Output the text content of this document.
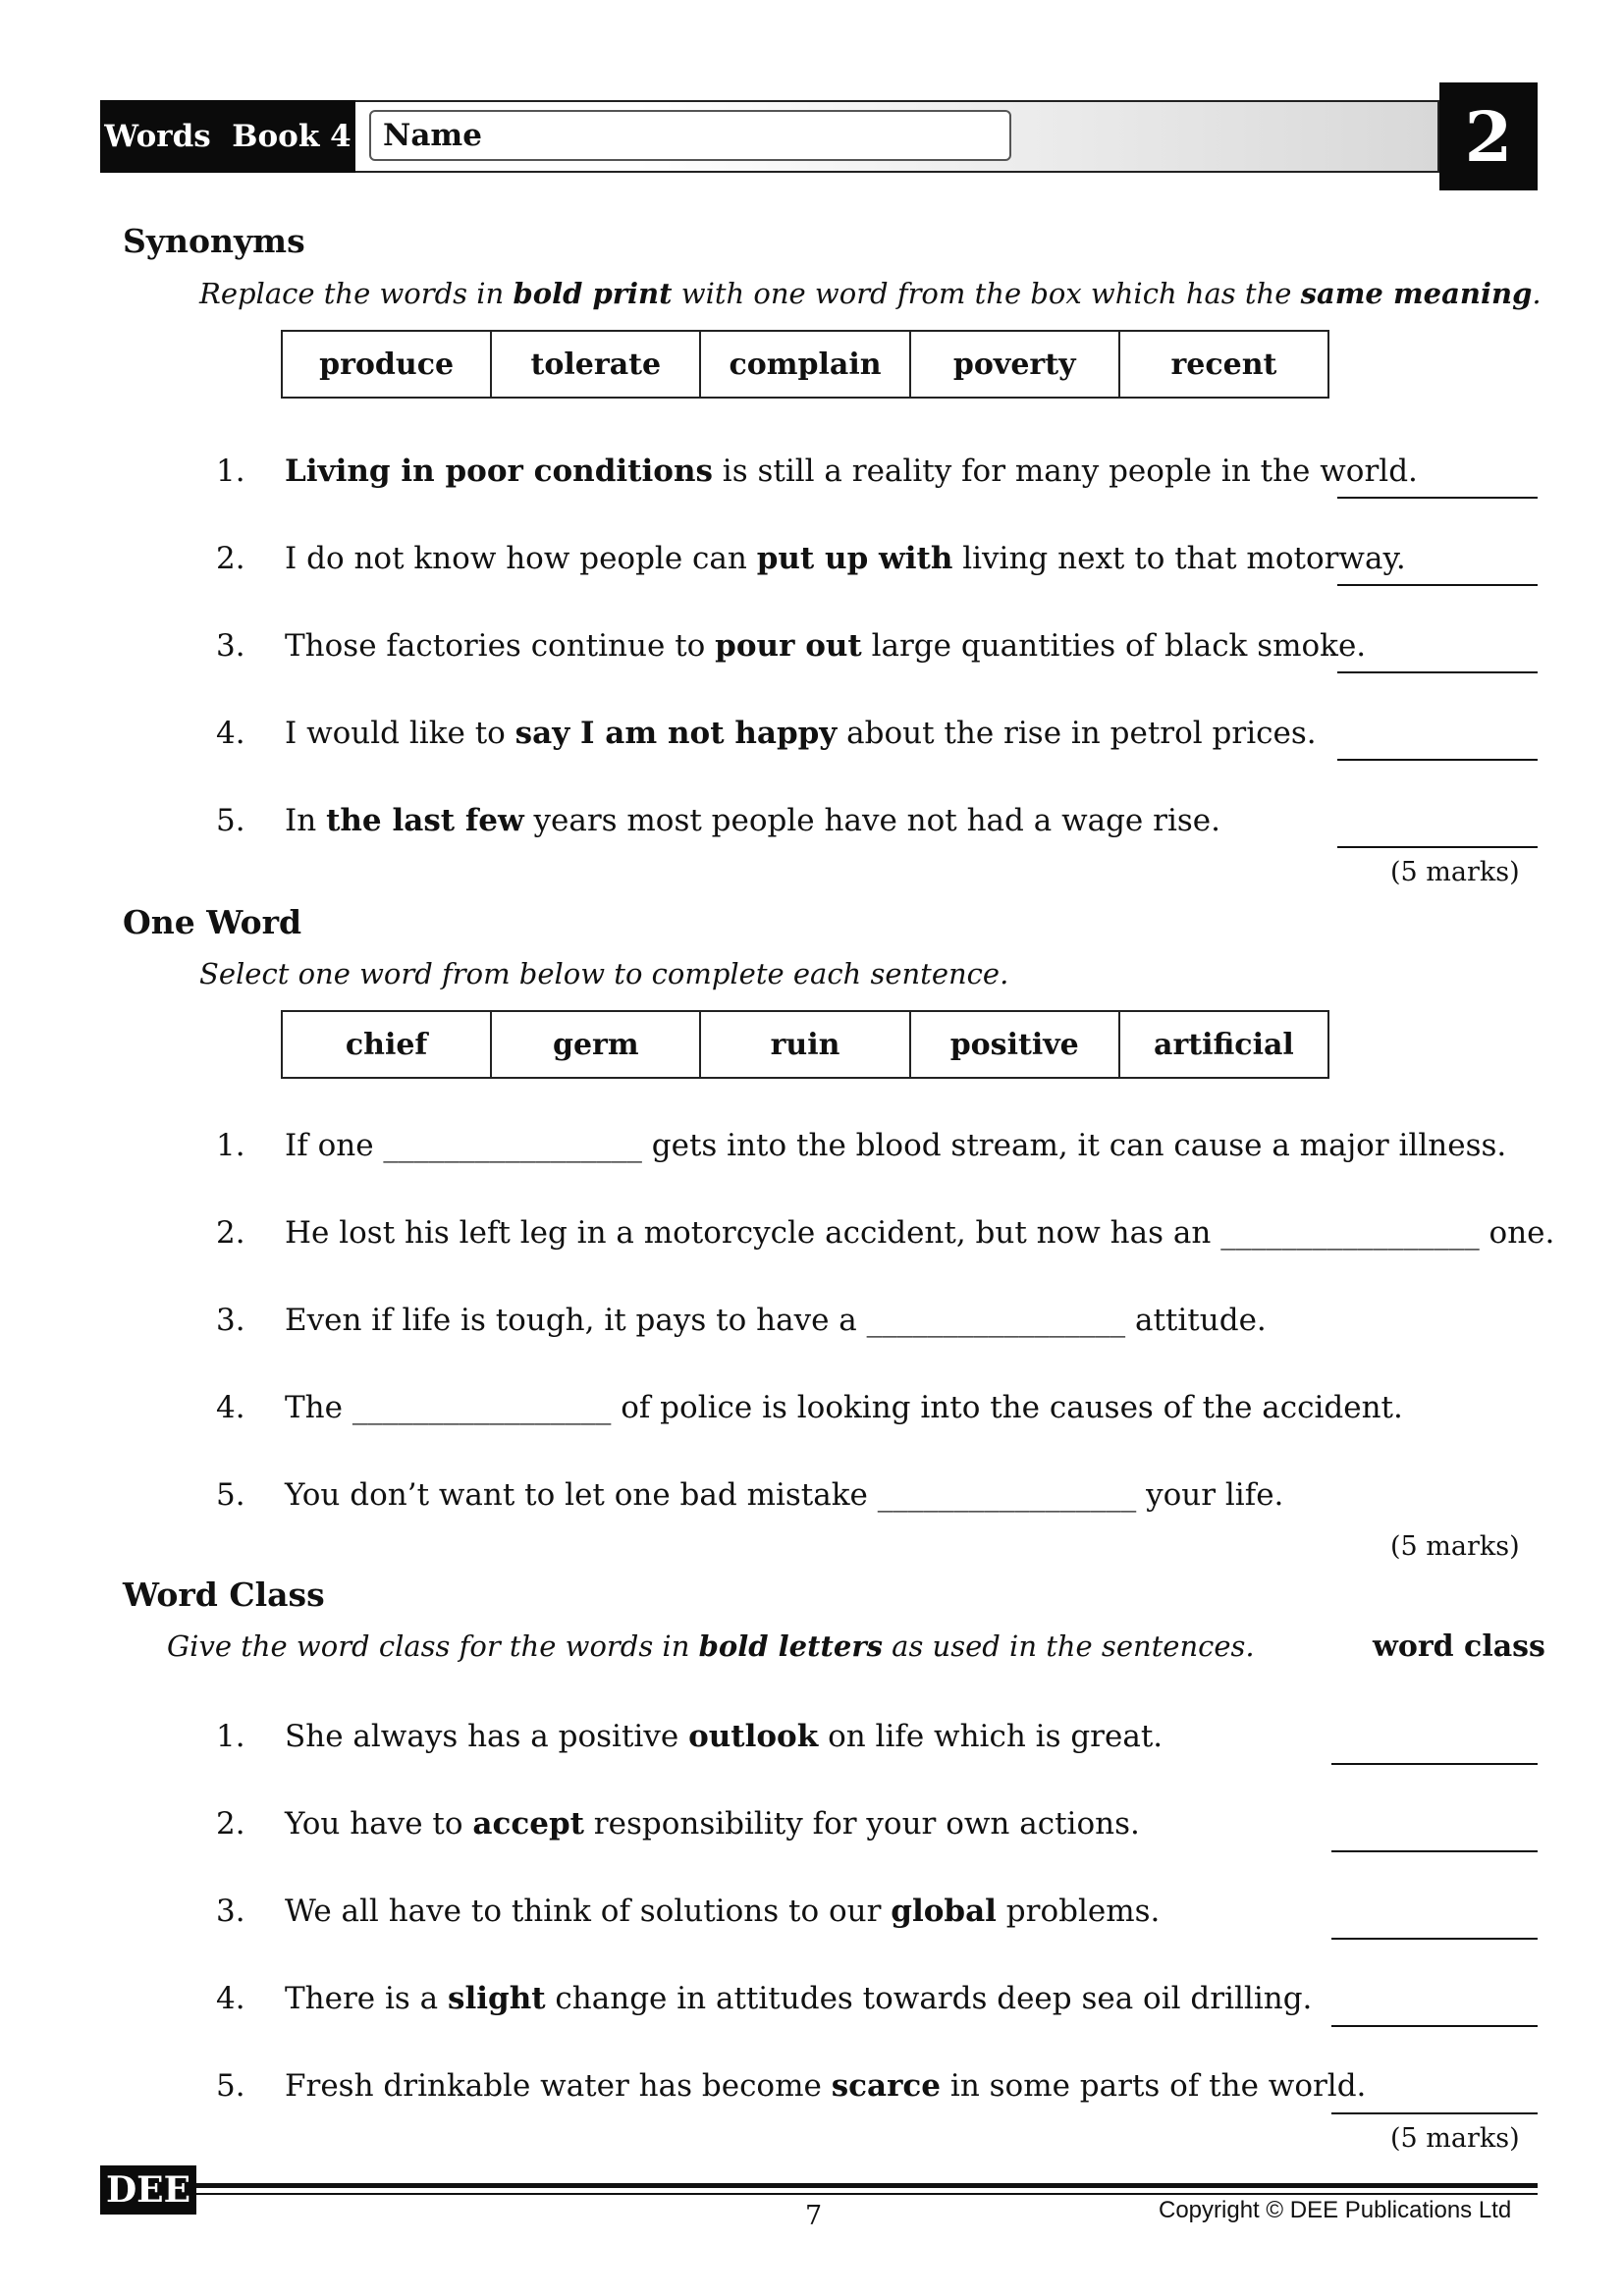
Words  Book 4 Name	2
Synonyms
Replace the words in bold print with one word from the box which has the same meaning.
produce	tolerate	complain	poverty	recent
1. Living in poor conditions is still a reality for many people in the world.
2. I do not know how people can put up with living next to that motorway.
3. Those factories continue to pour out large quantities of black smoke.
4. I would like to say I am not happy about the rise in petrol prices.
5. In the last few years most people have not had a wage rise.
(5 marks)
One Word
Select one word from below to complete each sentence.
chief	germ	ruin	positive	artificial
1. If one _________________ gets into the blood stream, it can cause a major illness.
2. He lost his left leg in a motorcycle accident, but now has an _________________ one.
3. Even if life is tough, it pays to have a _________________ attitude.
4. The _________________ of police is looking into the causes of the accident.
5. You don’t want to let one bad mistake _________________ your life.
(5 marks)
Word Class
Give the word class for the words in bold letters as used in the sentences.	word class
1. She always has a positive outlook on life which is great.
2. You have to accept responsibility for your own actions.
3. We all have to think of solutions to our global problems.
4. There is a slight change in attitudes towards deep sea oil drilling.
5. Fresh drinkable water has become scarce in some parts of the world.
(5 marks)
DEE
7	Copyright © DEE Publications Ltd
